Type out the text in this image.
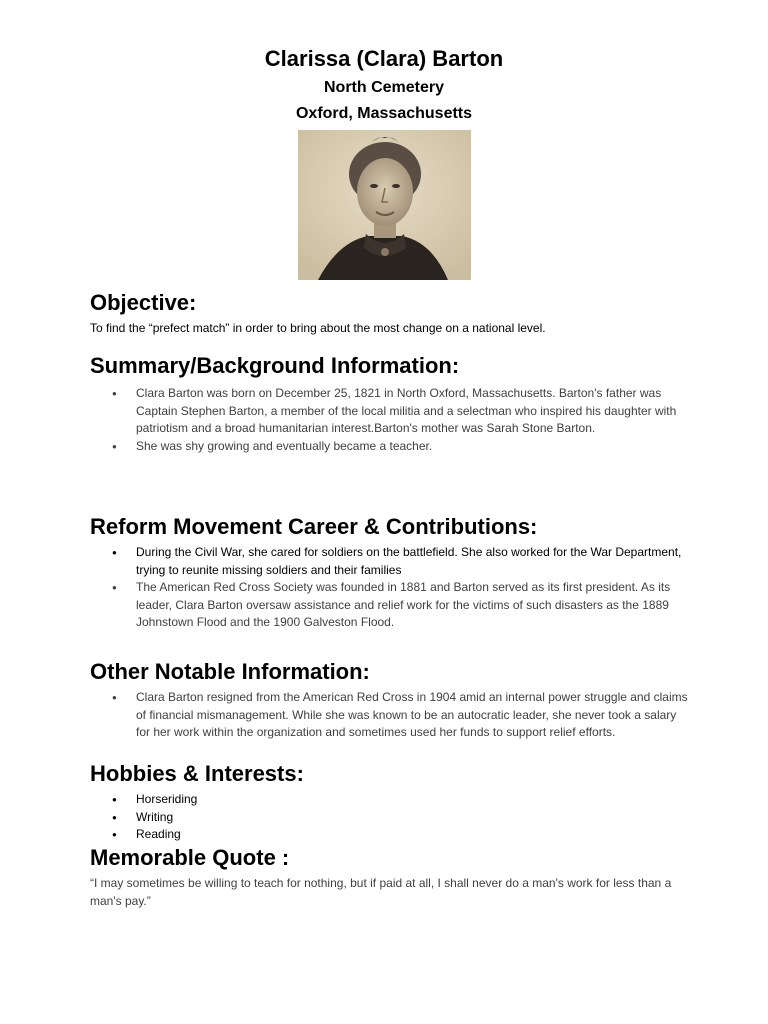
Clarissa (Clara) Barton
North Cemetery
Oxford, Massachusetts
Objective:

To find the “prefect match” in order to bring about the most change on a national level.

Summary/Background Information:
● Clara Barton was born on December 25, 1821 in North Oxford, Massachusetts. Barton's father was Captain Stephen Barton, a member of the local militia and a selectman who inspired his daughter with patriotism and a broad humanitarian interest.Barton's mother was Sarah Stone Barton.
● She was shy growing and eventually became a teacher.
Reform Movement Career & Contributions:
● During the Civil War, she cared for soldiers on the battlefield. She also worked for the War Department, trying to reunite missing soldiers and their families
● The American Red Cross Society was founded in 1881 and Barton served as its first president. As its leader, Clara Barton oversaw assistance and relief work for the victims of such disasters as the 1889 Johnstown Flood and the 1900 Galveston Flood.
Other Notable Information:
● Clara Barton resigned from the American Red Cross in 1904 amid an internal power struggle and claims of financial mismanagement. While she was known to be an autocratic leader, she never took a salary for her work within the organization and sometimes used her funds to support relief efforts.
Hobbies & Interests:
● Horseriding
● Writing
● Reading
Memorable Quote :

“I may sometimes be willing to teach for nothing, but if paid at all, I shall never do a man's work for less than a man's pay.”
